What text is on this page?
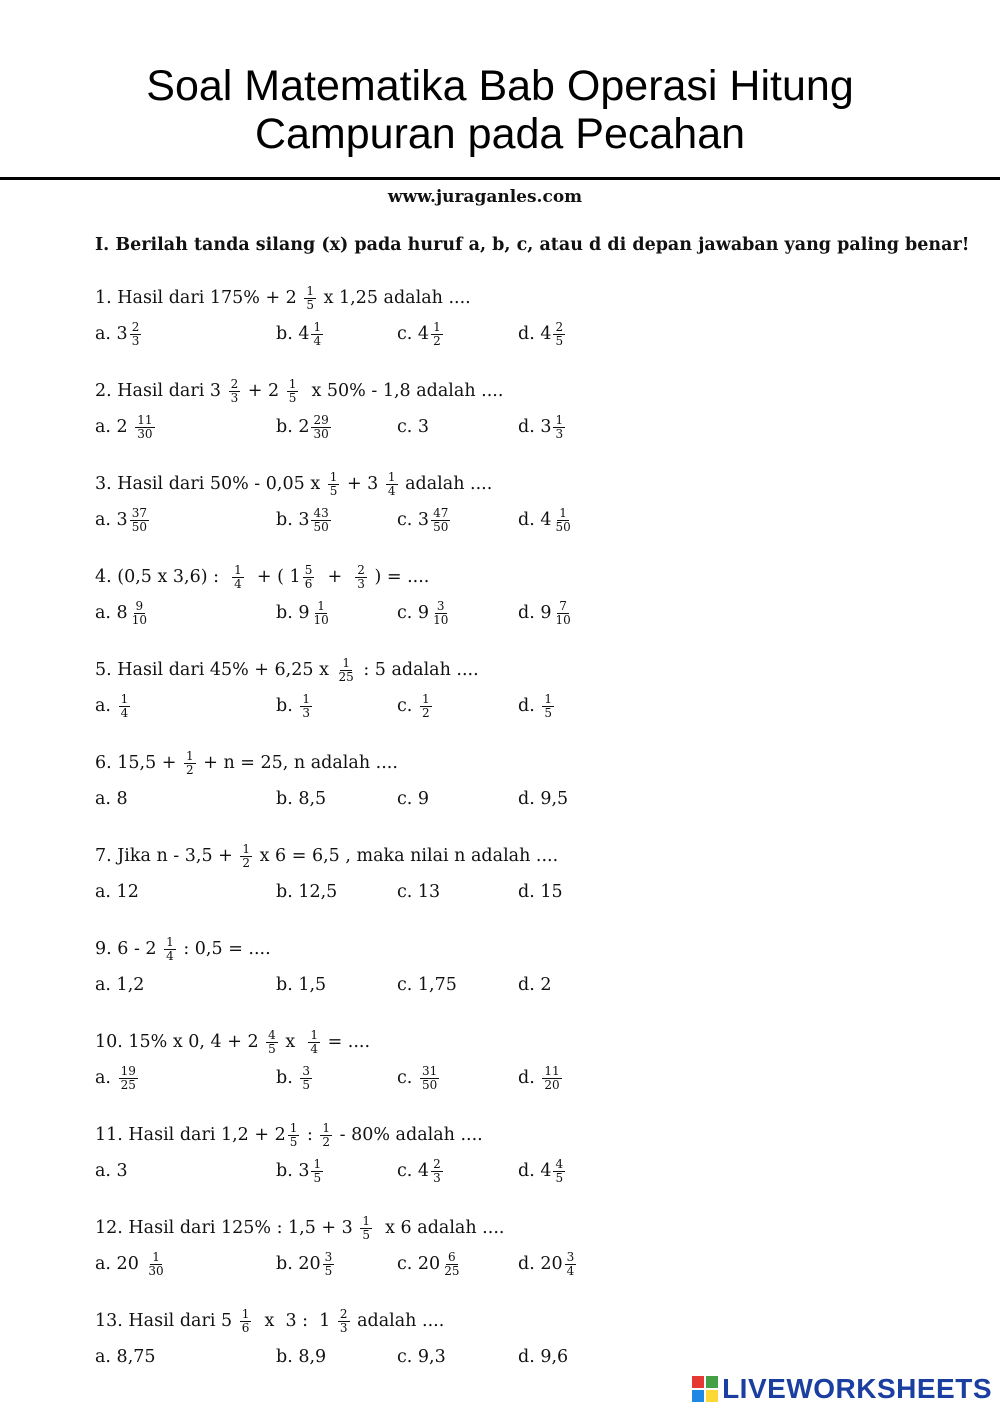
Soal Matematika Bab Operasi Hitung
Campuran pada Pecahan
www.juraganles.com
I. Berilah tanda silang (x) pada huruf a, b, c, atau d di depan jawaban yang paling benar!
1. Hasil dari $175\% + 2 \frac{1}{5}$ x 1,25 adalah ....
a. $3 \frac{2}{3}$	b. $4 \frac{1}{4}$	c. $4 \frac{1}{2}$	d. $4 \frac{2}{5}$
2. Hasil dari $3 \frac{2}{3} + 2 \frac{1}{5}$ x 50% - 1,8 adalah ....
a. $2 \frac{11}{30}$	b. $2 \frac{29}{30}$	c. 3	d. $3 \frac{1}{3}$
3. Hasil dari 50% - 0,05 x $\frac{1}{5} + 3 \frac{1}{4}$ adalah ....
a. $3 \frac{37}{50}$	b. $3 \frac{43}{50}$	c. $3 \frac{47}{50}$	d. $4 \frac{1}{50}$
4. (0,5 x 3,6) : $\frac{1}{4}$ + ( $1 \frac{5}{6} + \frac{2}{3}$ ) = ....
a. $8 \frac{9}{10}$	b. $9 \frac{1}{10}$	c. $9 \frac{3}{10}$	d. $9 \frac{7}{10}$
5. Hasil dari 45% + 6,25 x $\frac{1}{25}$ : 5 adalah ....
a. $\frac{1}{4}$	b. $\frac{1}{3}$	c. $\frac{1}{2}$	d. $\frac{1}{5}$
6. $15,5 + \frac{1}{2} + n = 25$, n adalah ....
a. 8	b. 8,5	c. 9	d. 9,5
7. Jika $n - 3,5 + \frac{1}{2}$ x 6 = 6,5 , maka nilai n adalah ....
a. 12	b. 12,5	c. 13	d. 15
9. $6 - 2 \frac{1}{4}$ : 0,5 = ....
a. 1,2	b. 1,5	c. 1,75	d. 2
10. 15% x 0, $4 + 2 \frac{4}{5}$ x $\frac{1}{4}$ = ....
a. $\frac{19}{25}$	b. $\frac{3}{5}$	c. $\frac{31}{50}$	d. $\frac{11}{20}$
11. Hasil dari $1,2 + 2 \frac{1}{5}$ : $\frac{1}{2} - 80\%$ adalah ....
a. 3	b. $3 \frac{1}{5}$	c. $4 \frac{2}{3}$	d. $4 \frac{4}{5}$
12. Hasil dari 125% : $1,5 + 3 \frac{1}{5}$ x 6 adalah ....
a. $20 \frac{1}{30}$	b. $20 \frac{3}{5}$	c. $20 \frac{6}{25}$	d. $20 \frac{3}{4}$
13. Hasil dari $5 \frac{1}{6}$ x  3 :  $1 \frac{2}{3}$ adalah ....
a. 8,75	b. 8,9	c. 9,3	d. 9,6
LIVEWORKSHEETS
